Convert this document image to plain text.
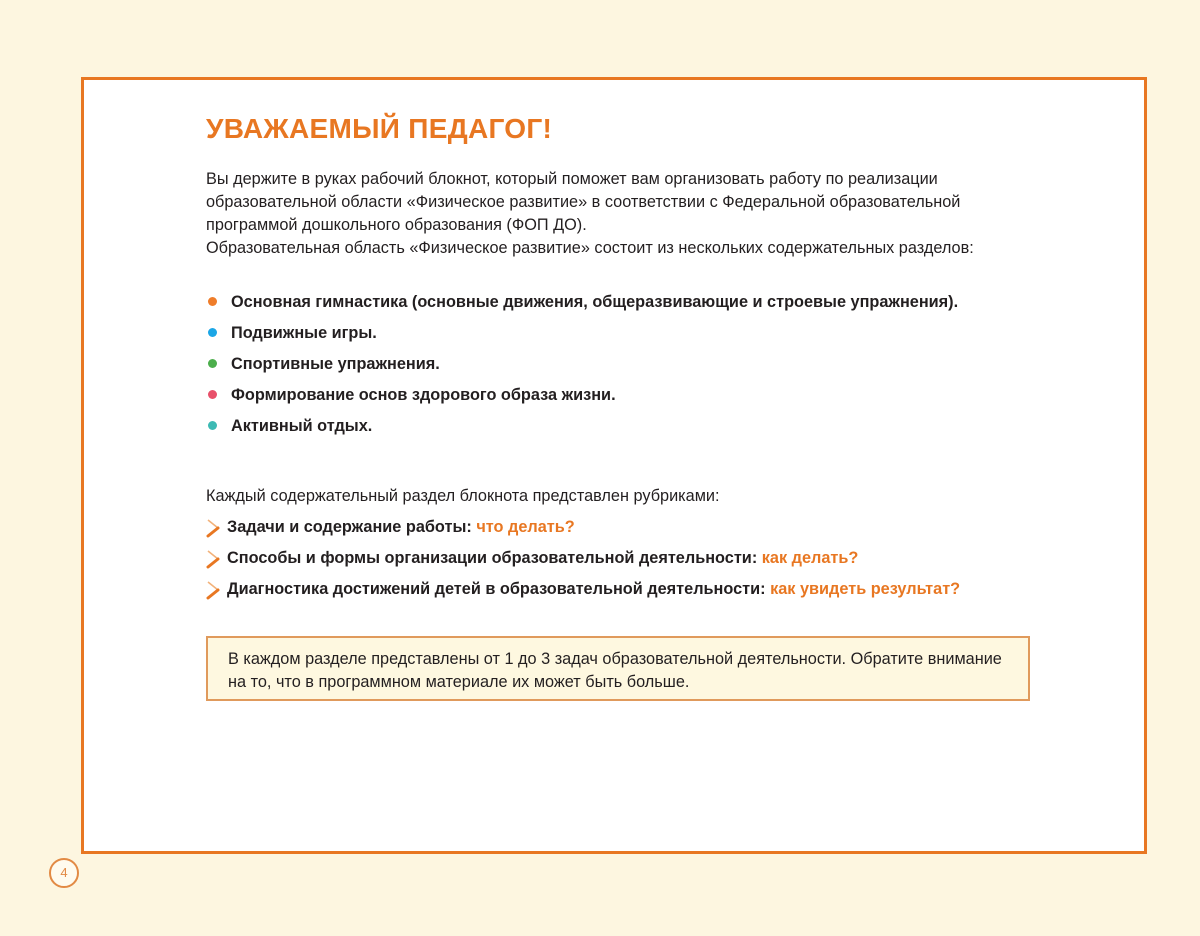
УВАЖАЕМЫЙ ПЕДАГОГ!

Вы держите в руках рабочий блокнот, который поможет вам организовать работу по реализации образовательной области «Физическое развитие» в соответствии с Федеральной образовательной программой дошкольного образования (ФОП ДО).

Образовательная область «Физическое развитие» состоит из нескольких содержательных разделов:

Основная гимнастика (основные движения, общеразвивающие и строевые упражнения).
Подвижные игры.
Спортивные упражнения.
Формирование основ здорового образа жизни.
Активный отдых.

Каждый содержательный раздел блокнота представлен рубриками:

Задачи и содержание работы: что делать?
Способы и формы организации образовательной деятельности: как делать?
Диагностика достижений детей в образовательной деятельности: как увидеть результат?
В каждом разделе представлены от 1 до 3 задач образовательной деятельности. Обратите внимание на то, что в программном материале их может быть больше.
4
